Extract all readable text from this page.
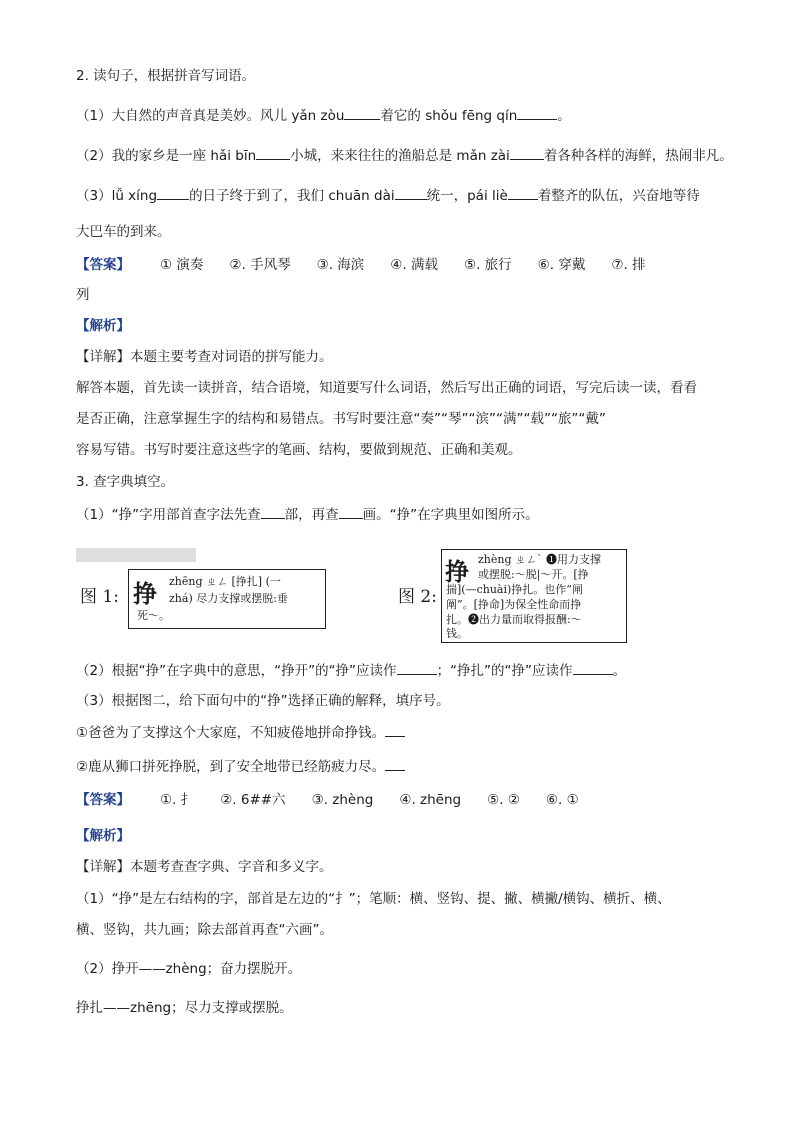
2. 读句子，根据拼音写词语。
（1）大自然的声音真是美妙。风儿 yǎn zòu	着它的 shǒu fēng qín	。
（2）我的家乡是一座 hǎi bīn	小城，来来往往的渔船总是 mǎn zài	着各种各样的海鲜，热闹非凡。
（3）lǚ xíng 的日子终于到了，我们 chuān dài 统一，pái liè 着整齐的队伍，兴奋地等待
大巴车的到来。
【答案】 ① 演奏 ②. 手风琴 ③. 海滨 ④. 满载 ⑤. 旅行 ⑥. 穿戴 ⑦. 排
列
【解析】
【详解】本题主要考查对词语的拼写能力。
解答本题，首先读一读拼音，结合语境，知道要写什么词语，然后写出正确的词语，写完后读一读，看看
是否正确，注意掌握生字的结构和易错点。书写时要注意“奏”“琴”“滨”“满”“载”“旅”“戴”
容易写错。书写时要注意这些字的笔画、结构，要做到规范、正确和美观。
3. 查字典填空。
（1）“挣”字用部首查字法先查 部，再查 画。“挣”在字典里如图所示。
图 1: 挣 zhēng ㄓㄥ [挣扎] (一
zhá) 尽力支撑或摆脱:垂
死～。
图 2:
挣 zhèng ㄓㄥˋ ❶用力支撑
或摆脱:～脱|～开。[挣
揣](—chuài)挣扎。也作“闸
阐”。[挣命]为保全性命而挣
扎。❷出力量而取得报酬:～
钱。
（2）根据“挣”在字典中的意思，“挣开”的“挣”应读作	；“挣扎”的“挣”应读作	。
（3）根据图二，给下面句中的“挣”选择正确的解释，填序号。
①爸爸为了支撑这个大家庭，不知疲倦地拼命挣钱。
②鹿从狮口拼死挣脱，到了安全地带已经筋疲力尽。
【答案】 ①. 扌 ②. 6##六 ③. zhèng ④. zhēng ⑤. ② ⑥. ①
【解析】
【详解】本题考查查字典、字音和多义字。
（1）“挣”是左右结构的字，部首是左边的“扌”；笔顺：横、竖钩、提、撇、横撇/横钩、横折、横、
横、竖钩，共九画；除去部首再查“六画”。
（2）挣开——zhèng；奋力摆脱开。
挣扎——zhēng；尽力支撑或摆脱。
